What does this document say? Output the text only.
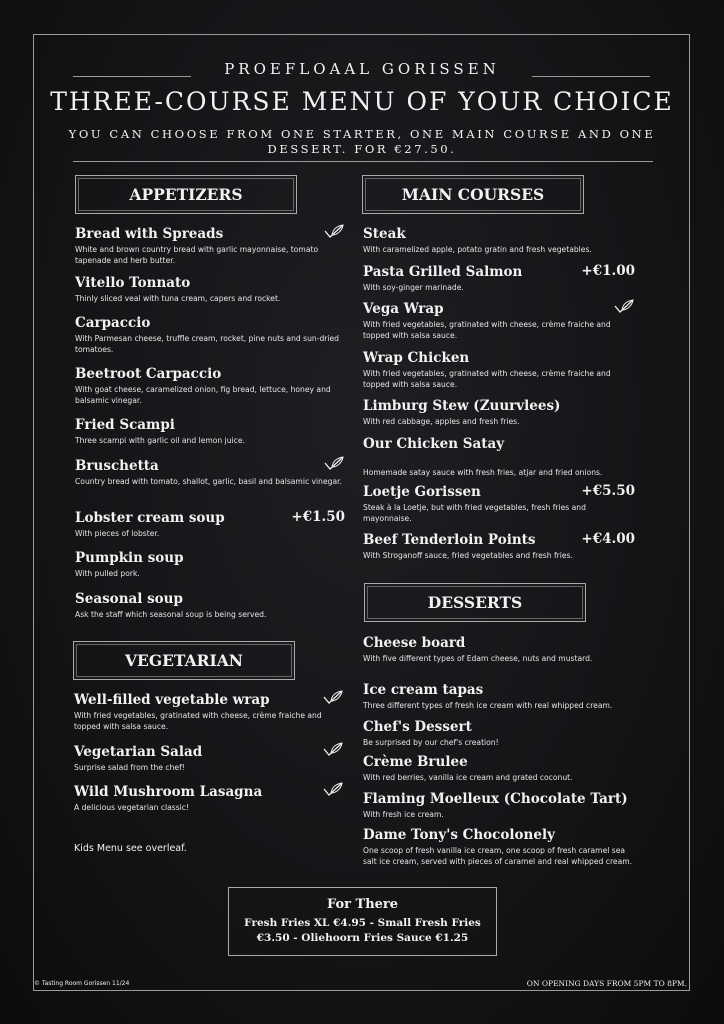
PROEFLOAAL GORISSEN
THREE-COURSE MENU OF YOUR CHOICE
YOU CAN CHOOSE FROM ONE STARTER, ONE MAIN COURSE AND ONE DESSERT. FOR €27.50.
APPETIZERS	MAIN COURSES
VEGETARIAN
DESSERTS
Bread with Spreads
White and brown country bread with garlic mayonnaise, tomato tapenade and herb butter.
Vitello Tonnato
Thinly sliced veal with tuna cream, capers and rocket.
Carpaccio
With Parmesan cheese, truffle cream, rocket, pine nuts and sun-dried tomatoes.
Beetroot Carpaccio
With goat cheese, caramelized onion, fig bread, lettuce, honey and balsamic vinegar.
Fried Scampi
Three scampi with garlic oil and lemon juice.
Bruschetta
Country bread with tomato, shallot, garlic, basil and balsamic vinegar.
Lobster cream soup
With pieces of lobster.
+€1.50
Pumpkin soup
With pulled pork.
Seasonal soup
Ask the staff which seasonal soup is being served.
Well-filled vegetable wrap
With fried vegetables, gratinated with cheese, crème fraiche and topped with salsa sauce.
Vegetarian Salad
Surprise salad from the chef!
Wild Mushroom Lasagna
A delicious vegetarian classic!
Steak
With caramelized apple, potato gratin and fresh vegetables.
Pasta Grilled Salmon
With soy-ginger marinade.
+€1.00
Vega Wrap
With fried vegetables, gratinated with cheese, crème fraiche and topped with salsa sauce.
Wrap Chicken
With fried vegetables, gratinated with cheese, crème fraiche and topped with salsa sauce.
Limburg Stew (Zuurvlees)
With red cabbage, apples and fresh fries.
Our Chicken Satay
Homemade satay sauce with fresh fries, atjar and fried onions.
Loetje Gorissen
Steak à la Loetje, but with fried vegetables, fresh fries and mayonnaise.
+€5.50
Beef Tenderloin Points
With Stroganoff sauce, fried vegetables and fresh fries.
+€4.00
Cheese board
With five different types of Edam cheese, nuts and mustard.
Ice cream tapas
Three different types of fresh ice cream with real whipped cream.
Chef's Dessert
Be surprised by our chef's creation!
Crème Brulee
With red berries, vanilla ice cream and grated coconut.
Flaming Moelleux (Chocolate Tart)
With fresh ice cream.
Dame Tony's Chocolonely
One scoop of fresh vanilla ice cream, one scoop of fresh caramel sea salt ice cream, served with pieces of caramel and real whipped cream.
Kids Menu see overleaf.
For There
Fresh Fries XL €4.95 - Small Fresh Fries €3.50 - Oliehoorn Fries Sauce €1.25
© Tasting Room Gorissen 11/24	ON OPENING DAYS FROM 5PM TO 8PM.
